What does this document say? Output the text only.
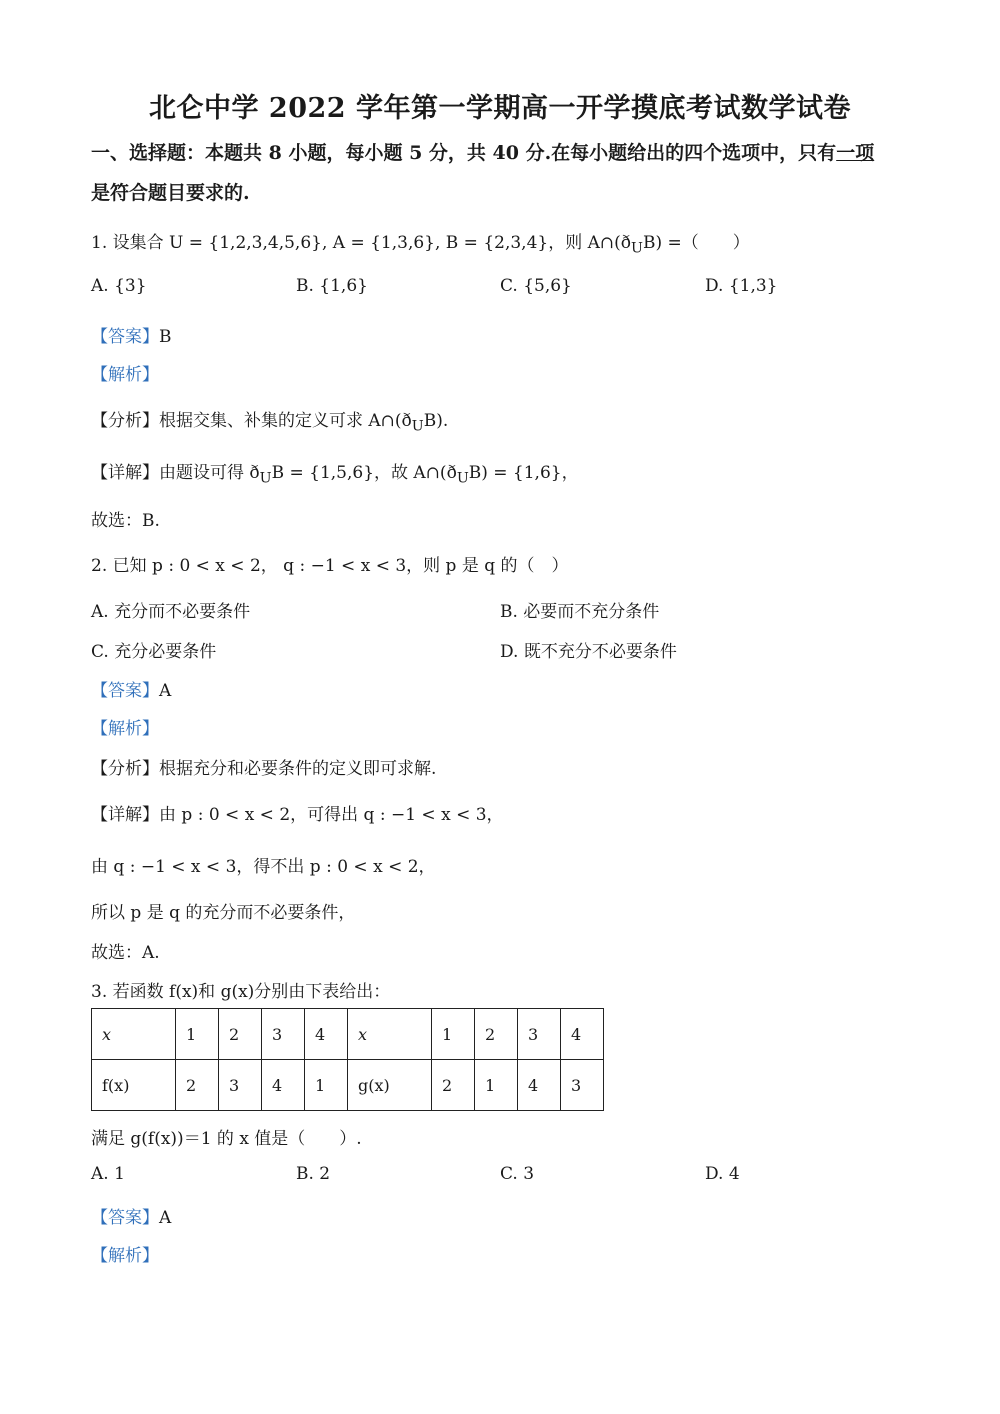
北仑中学 2022 学年第一学期高一开学摸底考试数学试卷
一、选择题：本题共 8 小题，每小题 5 分，共 40 分.在每小题给出的四个选项中，只有一项
是符合题目要求的.
1. 设集合 U = {1,2,3,4,5,6}, A = {1,3,6}, B = {2,3,4}，则 $A\cap(ð_UB)$ =（　　）
A. {3}	B. {1,6}	C. {5,6}	D. {1,3}
【答案】B
【解析】
【分析】根据交集、补集的定义可求 $A\cap(ð_UB)$.
【详解】由题设可得 $ð_UB = \{1,5,6\}$，故 $A\cap(ð_UB) = \{1,6\}$，
故选：B.
2. 已知 p : 0 < x < 2， q : −1 < x < 3，则 p 是 q 的（　）
A. 充分而不必要条件	B. 必要而不充分条件
C. 充分必要条件	D. 既不充分不必要条件
【答案】A
【解析】
【分析】根据充分和必要条件的定义即可求解.
【详解】由 p : 0 < x < 2，可得出 q : −1 < x < 3，
由 q : −1 < x < 3，得不出 p : 0 < x < 2，
所以 p 是 q 的充分而不必要条件，
故选：A.
3. 若函数 f(x)和 g(x)分别由下表给出：
x	1	2	3	4	x	1	2	3	4
f(x)	2	3	4	1	g(x)	2	1	4	3
满足 g(f(x))＝1 的 x 值是（　　）.
A. 1	B. 2	C. 3	D. 4
【答案】A
【解析】
